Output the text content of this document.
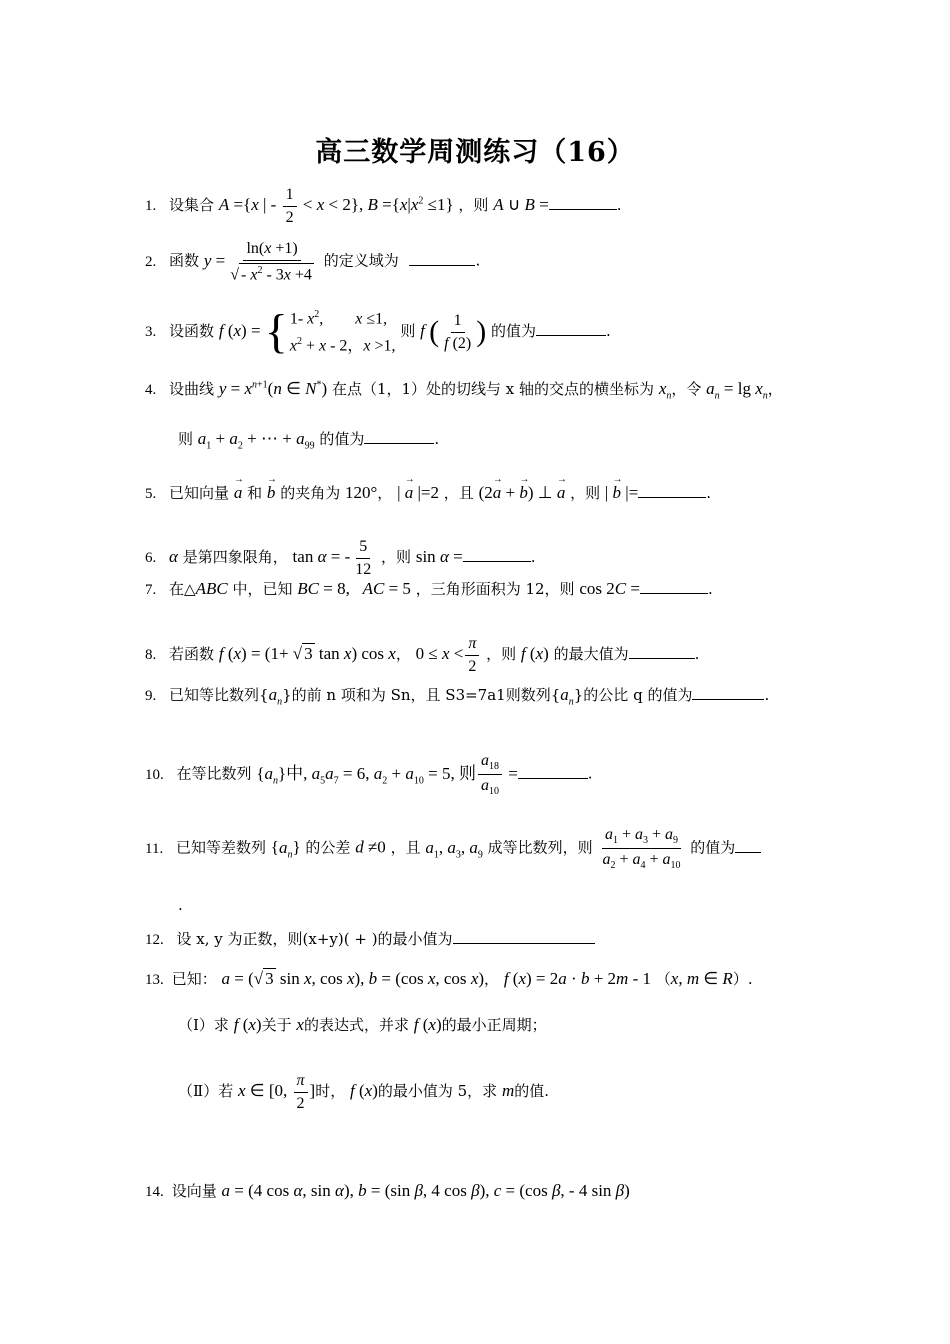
高三数学周测练习（16）
1. 设集合 A ={x | - $\frac{1}{2} < x < 2$}, $B =\{x|x^2 \le 1\}$ ，则 A ∪ B =	.
2. 函数 $y = \frac{\ln(x +1)}{√ - x^2 - 3x +4}$ 的定义域为	.
3. 设函数 f (x) = { 1- $x^2$,        x ≤1,
$x^2 + x - 2$，x >1,
则 f ( $\frac{1}{f (2)}$ ) 的值为	.
4. 设曲线 $y = x^{n+1}(n$ ∈ N*) 在点（1，1）处的切线与 x 轴的交点的横坐标为 $x_n$，令 $a_n = \lg x_n$，
则 $a_1 + a_2$ + ⋯ + $a_{99}$ 的值为	.
5. 已知向量 → a 和 → b 的夹角为 120°， | → a |=2 ，且 (2→ a + → b) ⊥ → a ，则 | → b |=	.
6. α 是第四象限角， tan α = - $\frac{5}{12}$ ，则 sin α =	.
7. 在△ABC 中，已知 BC = 8,   AC = 5 ，三角形面积为 12，则 cos 2C =	.
8. 若函数 f (x) = (1+ √ 3 tan x) cos x， $0 \le x < \frac{\pi}{2}$ ，则 f (x) 的最大值为	.
9. 已知等比数列$\{a_n\}$的前 n 项和为 Sn，且 S3=7a1则数列$\{a_n\}$的公比 q 的值为	.
10. 在等比数列 $\{a_n\}$中, $a_5a_7 = 6$, $a_2 + a_{10} = 5$, 则 $\frac{a_{18}}{a_{10}}$ =	.
11. 已知等差数列 $\{a_n\}$ 的公差 d ≠0 ，且 $a_1$, $a_3$, $a_9$ 成等比数列，则 $\frac{a_1 + a_3 + a_9}{a_2 + a_4 + a_{10}}$ 的值为
.
12. 设 x, y 为正数，则(x+y)( + )的最小值为
13. 已知： a = (√ 3 sin x, cos x), b = (cos x, cos x)， f (x) = 2a · b + 2m - 1 （x, m ∈ R）.
（Ⅰ）求 f (x)关于 x的表达式，并求 f (x)的最小正周期；
（Ⅱ）若 x ∈ [0, $\frac{\pi}{2}$ ]时， f (x)的最小值为 5，求 m的值.
14. 设向量 a = (4 cos α, sin α), b = (sin β, 4 cos β), c = (cos β, - 4 sin β)
